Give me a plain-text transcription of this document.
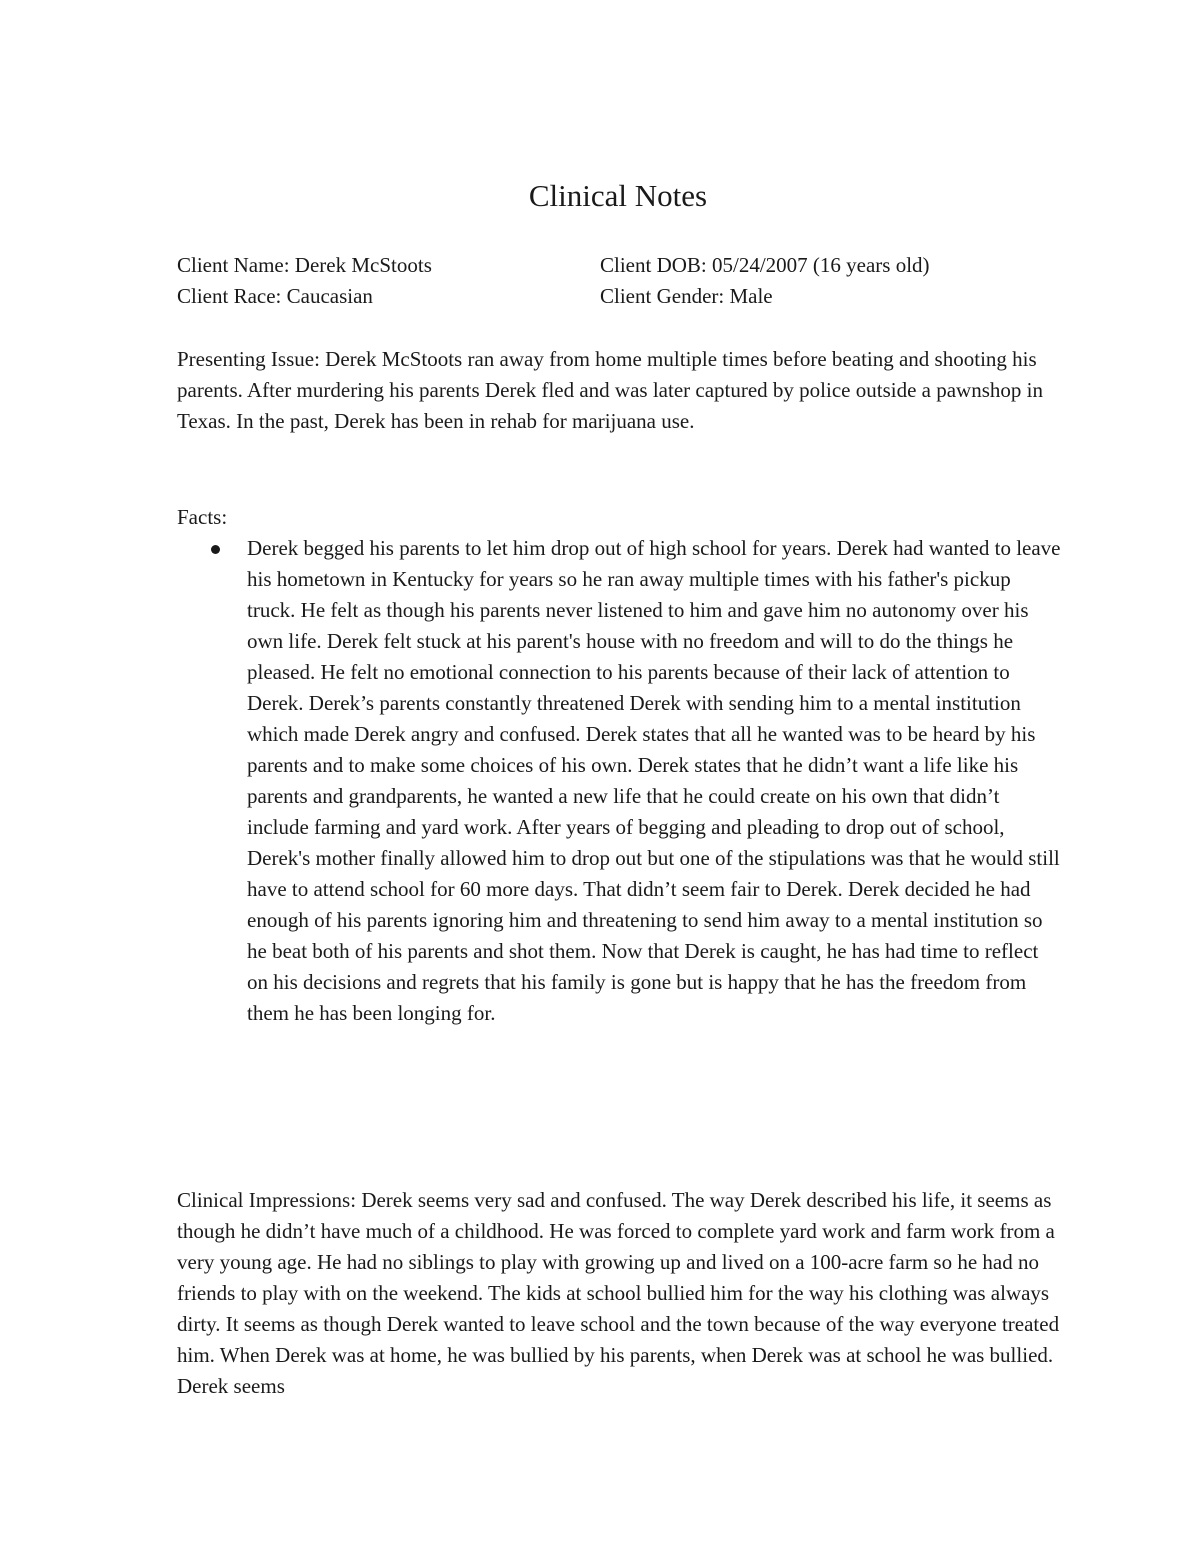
Clinical Notes
Client Name: Derek McStoots	Client DOB: 05/24/2007 (16 years old)
Client Race: Caucasian	Client Gender: Male

Presenting Issue: Derek McStoots ran away from home multiple times before beating and shooting his parents. After murdering his parents Derek fled and was later captured by police outside a pawnshop in Texas. In the past, Derek has been in rehab for marijuana use.

Facts:
Derek begged his parents to let him drop out of high school for years. Derek had wanted to leave his hometown in Kentucky for years so he ran away multiple times with his father's pickup truck. He felt as though his parents never listened to him and gave him no autonomy over his own life. Derek felt stuck at his parent's house with no freedom and will to do the things he pleased. He felt no emotional connection to his parents because of their lack of attention to Derek. Derek’s parents constantly threatened Derek with sending him to a mental institution which made Derek angry and confused. Derek states that all he wanted was to be heard by his parents and to make some choices of his own. Derek states that he didn’t want a life like his parents and grandparents, he wanted a new life that he could create on his own that didn’t include farming and yard work. After years of begging and pleading to drop out of school, Derek's mother finally allowed him to drop out but one of the stipulations was that he would still have to attend school for 60 more days. That didn’t seem fair to Derek. Derek decided he had enough of his parents ignoring him and threatening to send him away to a mental institution so he beat both of his parents and shot them. Now that Derek is caught, he has had time to reflect on his decisions and regrets that his family is gone but is happy that he has the freedom from them he has been longing for.

Clinical Impressions: Derek seems very sad and confused. The way Derek described his life, it seems as though he didn’t have much of a childhood. He was forced to complete yard work and farm work from a very young age. He had no siblings to play with growing up and lived on a 100-acre farm so he had no friends to play with on the weekend. The kids at school bullied him for the way his clothing was always dirty. It seems as though Derek wanted to leave school and the town because of the way everyone treated him. When Derek was at home, he was bullied by his parents, when Derek was at school he was bullied. Derek seems
